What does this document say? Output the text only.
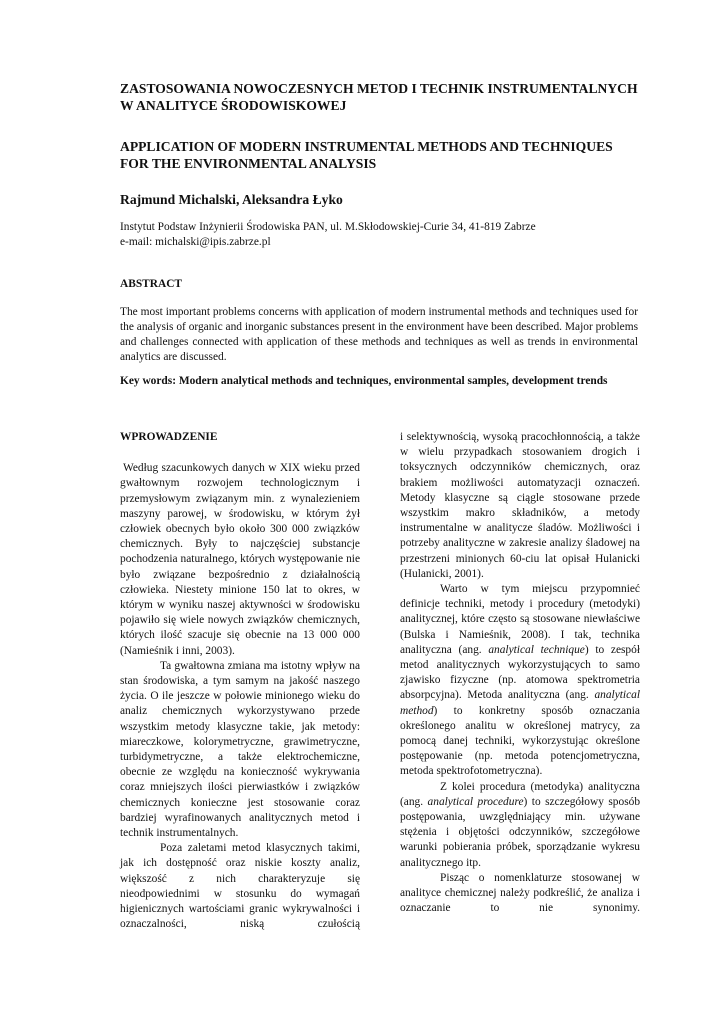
ZASTOSOWANIA NOWOCZESNYCH METOD I TECHNIK INSTRUMENTALNYCH W ANALITYCE ŚRODOWISKOWEJ
APPLICATION OF MODERN INSTRUMENTAL METHODS AND TECHNIQUES FOR THE ENVIRONMENTAL ANALYSIS
Rajmund Michalski, Aleksandra Łyko
Instytut Podstaw Inżynierii Środowiska PAN, ul. M.Skłodowskiej-Curie 34, 41-819 Zabrze
e-mail: michalski@ipis.zabrze.pl
ABSTRACT

The most important problems concerns with application of modern instrumental methods and techniques used for the analysis of organic and inorganic substances present in the environment have been described. Major problems and challenges connected with application of these methods and techniques as well as trends in environmental analytics are discussed.

Key words: Modern analytical methods and techniques, environmental samples, development trends

WPROWADZENIE

Według szacunkowych danych w XIX wieku przed gwałtownym rozwojem technologicznym i przemysłowym związanym min. z wynalezieniem maszyny parowej, w środowisku, w którym żył człowiek obecnych było około 300 000 związków chemicznych. Były to najczęściej substancje pochodzenia naturalnego, których występowanie nie było związane bezpośrednio z działalnością człowieka. Niestety minione 150 lat to okres, w którym w wyniku naszej aktywności w środowisku pojawiło się wiele nowych związków chemicznych, których ilość szacuje się obecnie na 13 000 000 (Namieśnik i inni, 2003).

Ta gwałtowna zmiana ma istotny wpływ na stan środowiska, a tym samym na jakość naszego życia. O ile jeszcze w połowie minionego wieku do analiz chemicznych wykorzystywano przede wszystkim metody klasyczne takie, jak metody: miareczkowe, kolorymetryczne, grawimetryczne, turbidymetryczne, a także elektrochemiczne, obecnie ze względu na konieczność wykrywania coraz mniejszych ilości pierwiastków i związków chemicznych konieczne jest stosowanie coraz bardziej wyrafinowanych analitycznych metod i technik instrumentalnych.

Poza zaletami metod klasycznych takimi, jak ich dostępność oraz niskie koszty analiz, większość z nich charakteryzuje się nieodpowiednimi w stosunku do wymagań higienicznych wartościami granic wykrywalności i oznaczalności, niską czułością

i selektywnością, wysoką pracochłonnością, a także w wielu przypadkach stosowaniem drogich i toksycznych odczynników chemicznych, oraz brakiem możliwości automatyzacji oznaczeń. Metody klasyczne są ciągle stosowane przede wszystkim makro składników, a metody instrumentalne w analitycze śladów. Możliwości i potrzeby analityczne w zakresie analizy śladowej na przestrzeni minionych 60-ciu lat opisał Hulanicki (Hulanicki, 2001).

Warto w tym miejscu przypomnieć definicje techniki, metody i procedury (metodyki) analitycznej, które często są stosowane niewłaściwe (Bulska i Namieśnik, 2008). I tak, technika analityczna (ang. analytical technique) to zespół metod analitycznych wykorzystujących to samo zjawisko fizyczne (np. atomowa spektrometria absorpcyjna). Metoda analityczna (ang. analytical method) to konkretny sposób oznaczania określonego analitu w określonej matrycy, za pomocą danej techniki, wykorzystując określone postępowanie (np. metoda potencjometryczna, metoda spektrofotometryczna).

Z kolei procedura (metodyka) analityczna (ang. analytical procedure) to szczegółowy sposób postępowania, uwzględniający min. używane stężenia i objętości odczynników, szczegółowe warunki pobierania próbek, sporządzanie wykresu analitycznego itp.

Pisząc o nomenklaturze stosowanej w analityce chemicznej należy podkreślić, że analiza i oznaczanie to nie synonimy.
